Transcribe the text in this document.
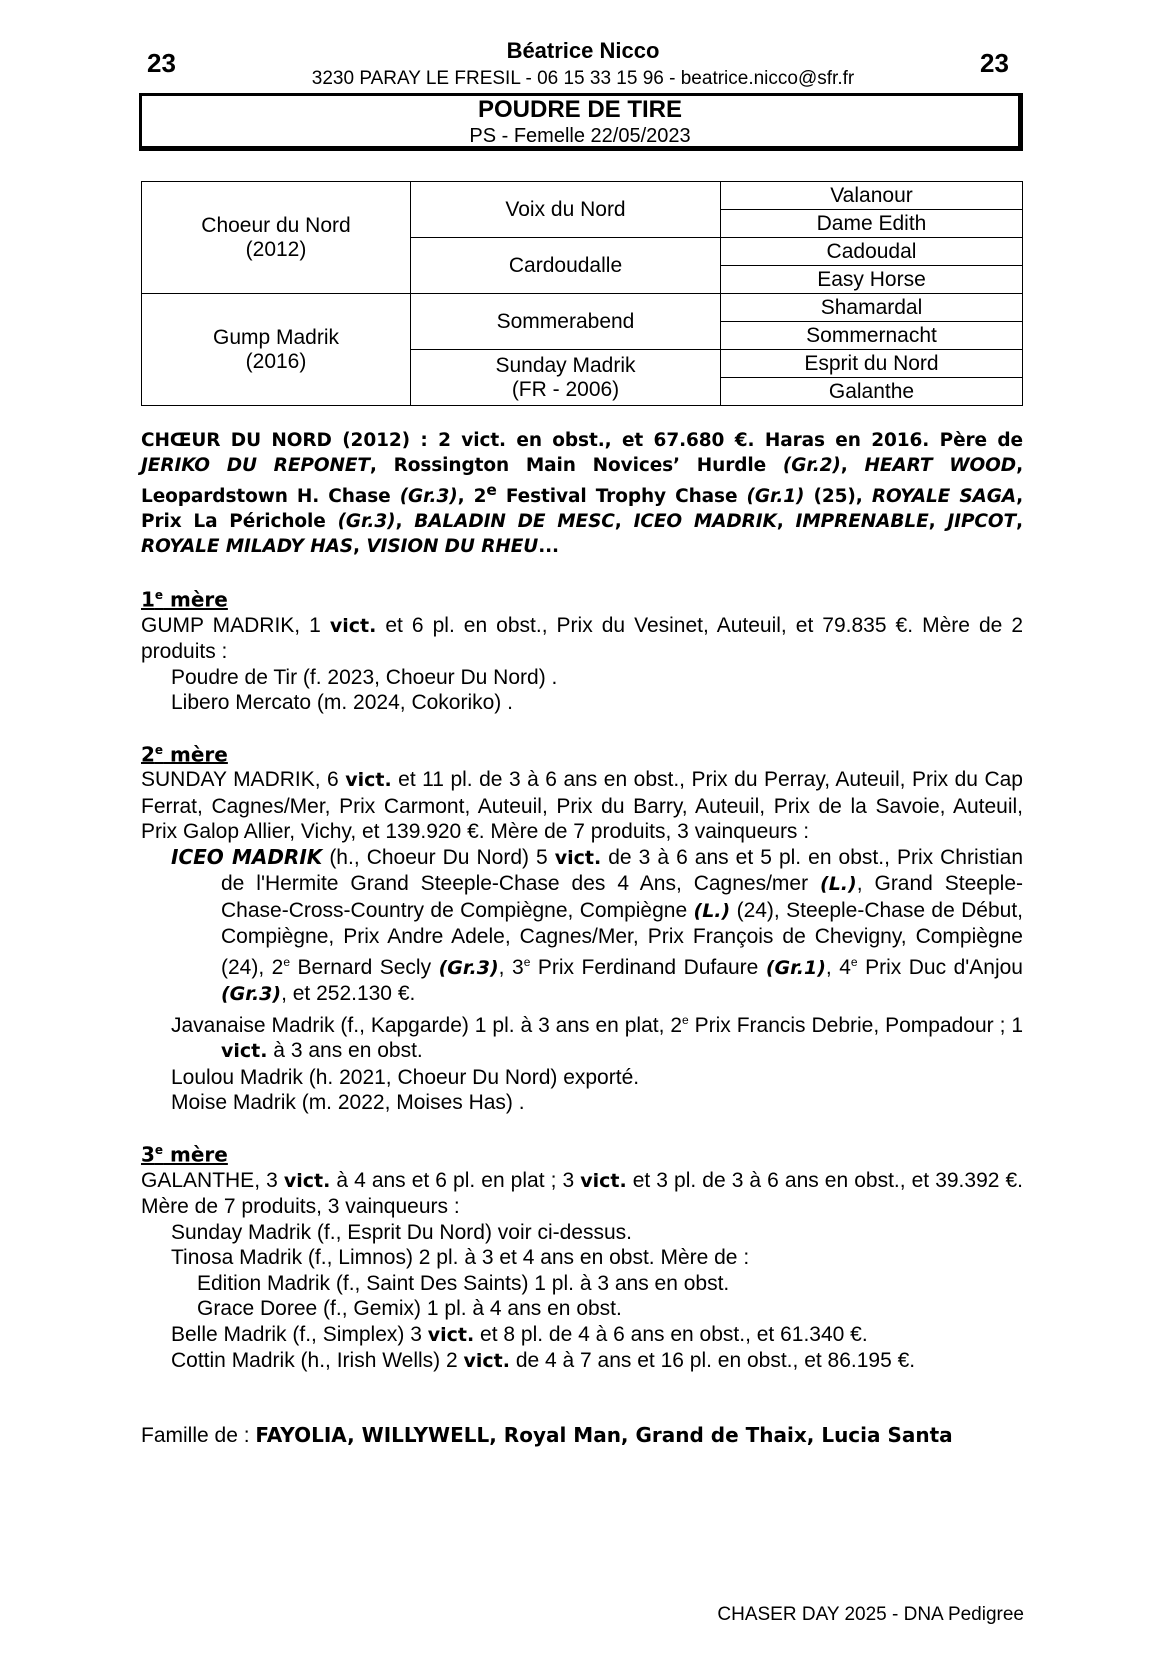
23	23
Béatrice Nicco
3230 PARAY LE FRESIL - 06 15 33 15 96 - beatrice.nicco@sfr.fr
POUDRE DE TIRE
PS - Femelle 22/05/2023
Choeur du Nord
(2012)	Voix du Nord	Valanour
		Dame Edith
	Cardoudalle	Cadoudal
		Easy Horse
Gump Madrik
(2016)	Sommerabend	Shamardal
		Sommernacht
	Sunday Madrik
(FR - 2006)	Esprit du Nord
		Galanthe
CHŒUR DU NORD (2012) : 2 vict. en obst., et 67.680 €. Haras en 2016. Père de JERIKO DU REPONET, Rossington Main Novices’ Hurdle (Gr.2), HEART WOOD, Leopardstown H. Chase (Gr.3), 2e Festival Trophy Chase (Gr.1) (25), ROYALE SAGA, Prix La Périchole (Gr.3), BALADIN DE MESC, ICEO MADRIK, IMPRENABLE, JIPCOT, ROYALE MILADY HAS, VISION DU RHEU...
1e mère
GUMP MADRIK, 1 vict. et 6 pl. en obst., Prix du Vesinet, Auteuil, et 79.835 €. Mère de 2 produits :
Poudre de Tir (f. 2023, Choeur Du Nord) .
Libero Mercato (m. 2024, Cokoriko) .
2e mère
SUNDAY MADRIK, 6 vict. et 11 pl. de 3 à 6 ans en obst., Prix du Perray, Auteuil, Prix du Cap Ferrat, Cagnes/Mer, Prix Carmont, Auteuil, Prix du Barry, Auteuil, Prix de la Savoie, Auteuil, Prix Galop Allier, Vichy, et 139.920 €. Mère de 7 produits, 3 vainqueurs :
ICEO MADRIK (h., Choeur Du Nord) 5 vict. de 3 à 6 ans et 5 pl. en obst., Prix Christian de l'Hermite Grand Steeple-Chase des 4 Ans, Cagnes/mer (L.), Grand Steeple-Chase-Cross-Country de Compiègne, Compiègne (L.) (24), Steeple-Chase de Début, Compiègne, Prix Andre Adele, Cagnes/Mer, Prix François de Chevigny, Compiègne (24), 2e Bernard Secly (Gr.3), 3e Prix Ferdinand Dufaure (Gr.1), 4e Prix Duc d'Anjou (Gr.3), et 252.130 €.
Javanaise Madrik (f., Kapgarde) 1 pl. à 3 ans en plat, 2e Prix Francis Debrie, Pompadour ; 1 vict. à 3 ans en obst.
Loulou Madrik (h. 2021, Choeur Du Nord) exporté.
Moise Madrik (m. 2022, Moises Has) .
3e mère
GALANTHE, 3 vict. à 4 ans et 6 pl. en plat ; 3 vict. et 3 pl. de 3 à 6 ans en obst., et 39.392 €. Mère de 7 produits, 3 vainqueurs :
Sunday Madrik (f., Esprit Du Nord) voir ci-dessus.
Tinosa Madrik (f., Limnos) 2 pl. à 3 et 4 ans en obst. Mère de :
Edition Madrik (f., Saint Des Saints) 1 pl. à 3 ans en obst.
Grace Doree (f., Gemix) 1 pl. à 4 ans en obst.
Belle Madrik (f., Simplex) 3 vict. et 8 pl. de 4 à 6 ans en obst., et 61.340 €.
Cottin Madrik (h., Irish Wells) 2 vict. de 4 à 7 ans et 16 pl. en obst., et 86.195 €.
Famille de : FAYOLIA, WILLYWELL, Royal Man, Grand de Thaix, Lucia Santa
CHASER DAY 2025 - DNA Pedigree
